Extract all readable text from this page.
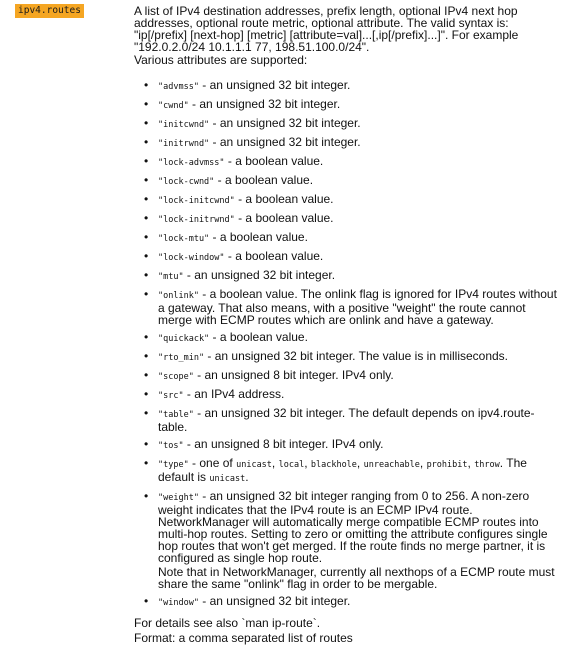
ipv4.routes	A list of IPv4 destination addresses, prefix length, optional IPv4 next hop addresses, optional route metric, optional attribute. The valid syntax is: "ip[/prefix] [next-hop] [metric] [attribute=val]...[,ip[/prefix]...]". For example "192.0.2.0/24 10.1.1.1 77, 198.51.100.0/24".

Various attributes are supported:

• "advmss" - an unsigned 32 bit integer.
• "cwnd" - an unsigned 32 bit integer.
• "initcwnd" - an unsigned 32 bit integer.
• "initrwnd" - an unsigned 32 bit integer.
• "lock-advmss" - a boolean value.
• "lock-cwnd" - a boolean value.
• "lock-initcwnd" - a boolean value.
• "lock-initrwnd" - a boolean value.
• "lock-mtu" - a boolean value.
• "lock-window" - a boolean value.
• "mtu" - an unsigned 32 bit integer.
• "onlink" - a boolean value. The onlink flag is ignored for IPv4 routes without a gateway. That also means, with a positive "weight" the route cannot merge with ECMP routes which are onlink and have a gateway.
• "quickack" - a boolean value.
• "rto_min" - an unsigned 32 bit integer. The value is in milliseconds.
• "scope" - an unsigned 8 bit integer. IPv4 only.
• "src" - an IPv4 address.
• "table" - an unsigned 32 bit integer. The default depends on ipv4.route-table.
• "tos" - an unsigned 8 bit integer. IPv4 only.
• "type" - one of unicast, local, blackhole, unreachable, prohibit, throw. The default is unicast.
• "weight" - an unsigned 32 bit integer ranging from 0 to 256. A non-zero weight indicates that the IPv4 route is an ECMP IPv4 route. NetworkManager will automatically merge compatible ECMP routes into multi-hop routes. Setting to zero or omitting the attribute configures single hop routes that won't get merged. If the route finds no merge partner, it is configured as single hop route.
Note that in NetworkManager, currently all nexthops of a ECMP route must share the same "onlink" flag in order to be mergable.
• "window" - an unsigned 32 bit integer.

For details see also `man ip-route`.

Format: a comma separated list of routes
